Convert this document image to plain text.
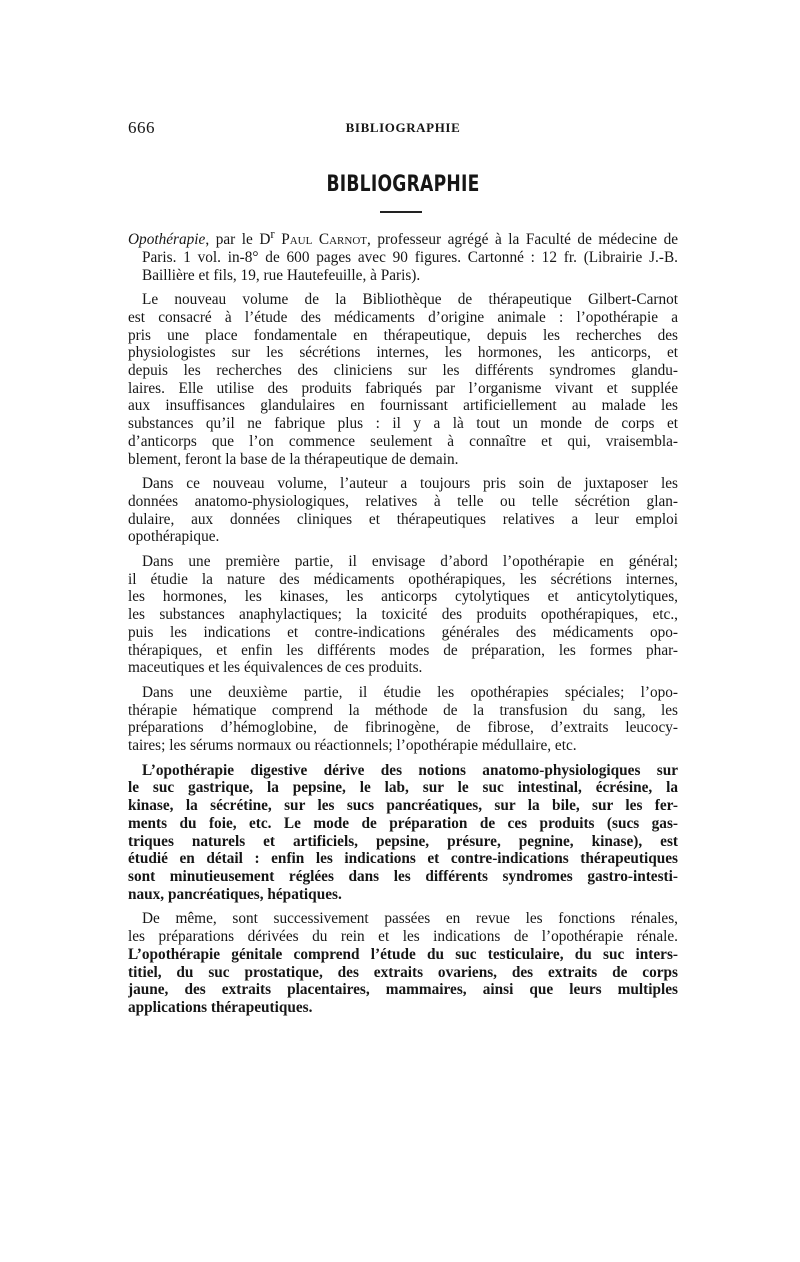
666	BIBLIOGRAPHIE
BIBLIOGRAPHIE

Opothérapie, par le $D^r$ Paul Carnot, professeur agrégé à la Faculté de médecine de Paris. 1 vol. in-8° de 600 pages avec 90 figures. Cartonné : 12 fr. (Librairie J.-B. Baillière et fils, 19, rue Hautefeuille, à Paris).

Le nouveau volume de la Bibliothèque de thérapeutique Gilbert-Carnot
est consacré à l’étude des médicaments d’origine animale : l’opothérapie a
pris une place fondamentale en thérapeutique, depuis les recherches des
physiologistes sur les sécrétions internes, les hormones, les anticorps, et
depuis les recherches des cliniciens sur les différents syndromes glandu-
laires. Elle utilise des produits fabriqués par l’organisme vivant et supplée
aux insuffisances glandulaires en fournissant artificiellement au malade les
substances qu’il ne fabrique plus : il y a là tout un monde de corps et
d’anticorps que l’on commence seulement à connaître et qui, vraisembla-
blement, feront la base de la thérapeutique de demain.
Dans ce nouveau volume, l’auteur a toujours pris soin de juxtaposer les
données anatomo-physiologiques, relatives à telle ou telle sécrétion glan-
dulaire, aux données cliniques et thérapeutiques relatives a leur emploi
opothérapique.
Dans une première partie, il envisage d’abord l’opothérapie en général;
il étudie la nature des médicaments opothérapiques, les sécrétions internes,
les hormones, les kinases, les anticorps cytolytiques et anticytolytiques,
les substances anaphylactiques; la toxicité des produits opothérapiques, etc.,
puis les indications et contre-indications générales des médicaments opo-
thérapiques, et enfin les différents modes de préparation, les formes phar-
maceutiques et les équivalences de ces produits.
Dans une deuxième partie, il étudie les opothérapies spéciales; l’opo-
thérapie hématique comprend la méthode de la transfusion du sang, les
préparations d’hémoglobine, de fibrinogène, de fibrose, d’extraits leucocy-
taires; les sérums normaux ou réactionnels; l’opothérapie médullaire, etc.
L’opothérapie digestive dérive des notions anatomo-physiologiques sur
le suc gastrique, la pepsine, le lab, sur le suc intestinal, écrésine, la
kinase, la sécrétine, sur les sucs pancréatiques, sur la bile, sur les fer-
ments du foie, etc. Le mode de préparation de ces produits (sucs gas-
triques naturels et artificiels, pepsine, présure, pegnine, kinase), est
étudié en détail : enfin les indications et contre-indications thérapeutiques
sont minutieusement réglées dans les différents syndromes gastro-intesti-
naux, pancréatiques, hépatiques.
De même, sont successivement passées en revue les fonctions rénales,
les préparations dérivées du rein et les indications de l’opothérapie rénale.
L’opothérapie génitale comprend l’étude du suc testiculaire, du suc inters-
titiel, du suc prostatique, des extraits ovariens, des extraits de corps
jaune, des extraits placentaires, mammaires, ainsi que leurs multiples
applications thérapeutiques.
